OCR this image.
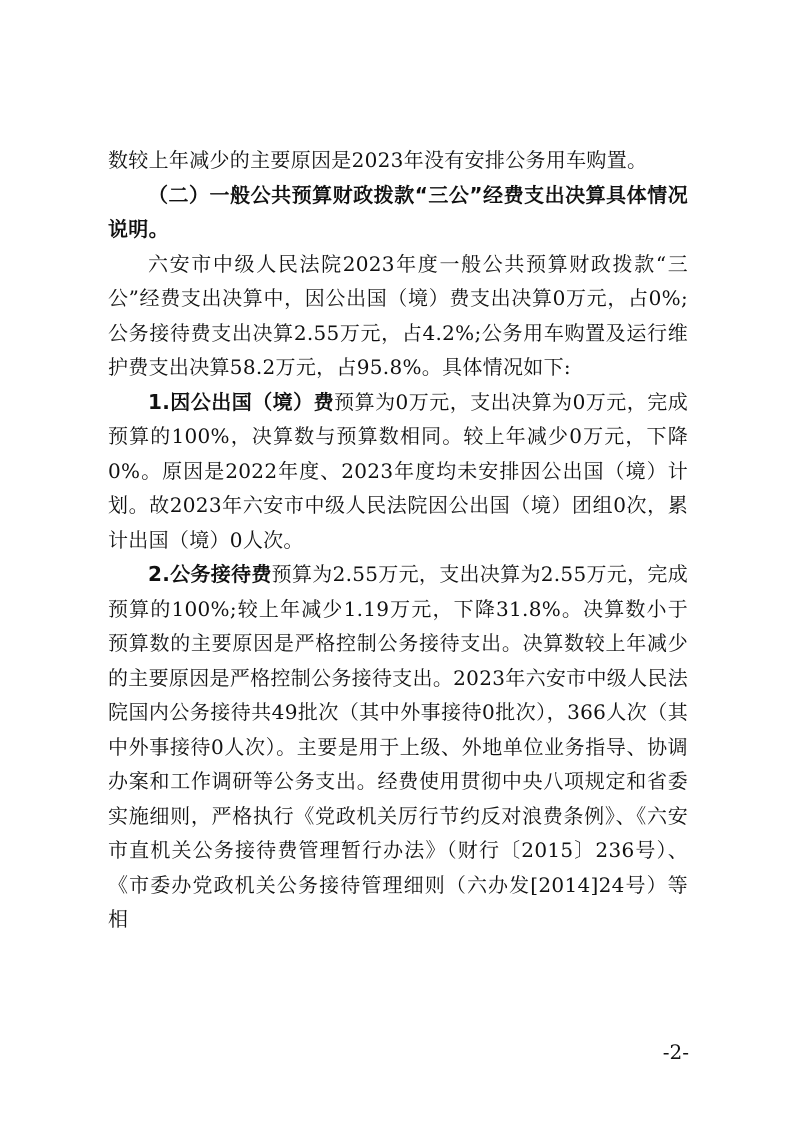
数较上年减少的主要原因是2023年没有安排公务用车购置。

（二）一般公共预算财政拨款“三公”经费支出决算具体情况说明。

六安市中级人民法院2023年度一般公共预算财政拨款“三公”经费支出决算中，因公出国（境）费支出决算0万元，占0%;公务接待费支出决算2.55万元，占4.2%;公务用车购置及运行维护费支出决算58.2万元，占95.8%。具体情况如下:

1.因公出国（境）费预算为0万元，支出决算为0万元，完成预算的100%，决算数与预算数相同。较上年减少0万元，下降0%。原因是2022年度、2023年度均未安排因公出国（境）计划。故2023年六安市中级人民法院因公出国（境）团组0次，累计出国（境）0人次。

2.公务接待费预算为2.55万元，支出决算为2.55万元，完成预算的100%;较上年减少1.19万元，下降31.8%。决算数小于预算数的主要原因是严格控制公务接待支出。决算数较上年减少的主要原因是严格控制公务接待支出。2023年六安市中级人民法院国内公务接待共49批次（其中外事接待0批次），366人次（其中外事接待0人次）。主要是用于上级、外地单位业务指导、协调办案和工作调研等公务支出。经费使用贯彻中央八项规定和省委实施细则，严格执行《党政机关厉行节约反对浪费条例》、《六安市直机关公务接待费管理暂行办法》（财行〔2015〕236号）、《市委办党政机关公务接待管理细则（六办发[2014]24号）等相

-2-
